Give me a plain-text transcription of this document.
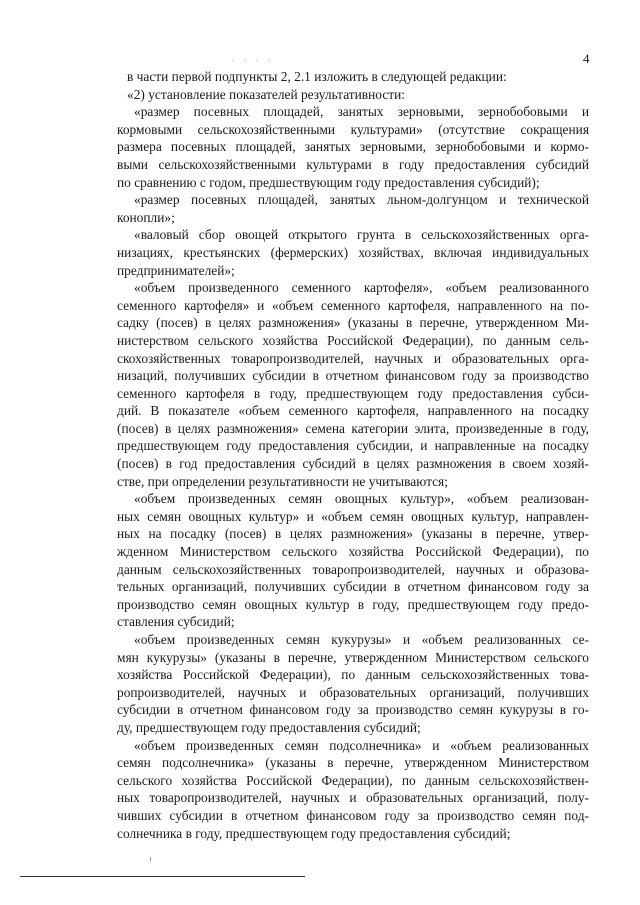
. . . .	4
в части первой подпункты 2, 2.1 изложить в следующей редакции:
«2) установление показателей результативности:
«размер посевных площадей, занятых зерновыми, зернобобовыми и
кормовыми сельскохозяйственными культурами» (отсутствие сокращения
размера посевных площадей, занятых зерновыми, зернобобовыми и кормо-
выми сельскохозяйственными культурами в году предоставления субсидий
по сравнению с годом, предшествующим году предоставления субсидий);
«размер посевных площадей, занятых льном-долгунцом и технической
конопли»;
«валовый сбор овощей открытого грунта в сельскохозяйственных орга-
низациях, крестьянских (фермерских) хозяйствах, включая индивидуальных
предпринимателей»;
«объем произведенного семенного картофеля», «объем реализованного
семенного картофеля» и «объем семенного картофеля, направленного на по-
садку (посев) в целях размножения» (указаны в перечне, утвержденном Ми-
нистерством сельского хозяйства Российской Федерации), по данным сель-
скохозяйственных товаропроизводителей, научных и образовательных орга-
низаций, получивших субсидии в отчетном финансовом году за производство
семенного картофеля в году, предшествующем году предоставления субси-
дий. В показателе «объем семенного картофеля, направленного на посадку
(посев) в целях размножения» семена категории элита, произведенные в году,
предшествующем году предоставления субсидии, и направленные на посадку
(посев) в год предоставления субсидий в целях размножения в своем хозяй-
стве, при определении результативности не учитываются;
«объем произведенных семян овощных культур», «объем реализован-
ных семян овощных культур» и «объем семян овощных культур, направлен-
ных на посадку (посев) в целях размножения» (указаны в перечне, утвер-
жденном Министерством сельского хозяйства Российской Федерации), по
данным сельскохозяйственных товаропроизводителей, научных и образова-
тельных организаций, получивших субсидии в отчетном финансовом году за
производство семян овощных культур в году, предшествующем году предо-
ставления субсидий;
«объем произведенных семян кукурузы» и «объем реализованных се-
мян кукурузы» (указаны в перечне, утвержденном Министерством сельского
хозяйства Российской Федерации), по данным сельскохозяйственных това-
ропроизводителей, научных и образовательных организаций, получивших
субсидии в отчетном финансовом году за производство семян кукурузы в го-
ду, предшествующем году предоставления субсидий;
«объем произведенных семян подсолнечника» и «объем реализованных
семян подсолнечника» (указаны в перечне, утвержденном Министерством
сельского хозяйства Российской Федерации), по данным сельскохозяйствен-
ных товаропроизводителей, научных и образовательных организаций, полу-
чивших субсидии в отчетном финансовом году за производство семян под-
солнечника в году, предшествующем году предоставления субсидий;
